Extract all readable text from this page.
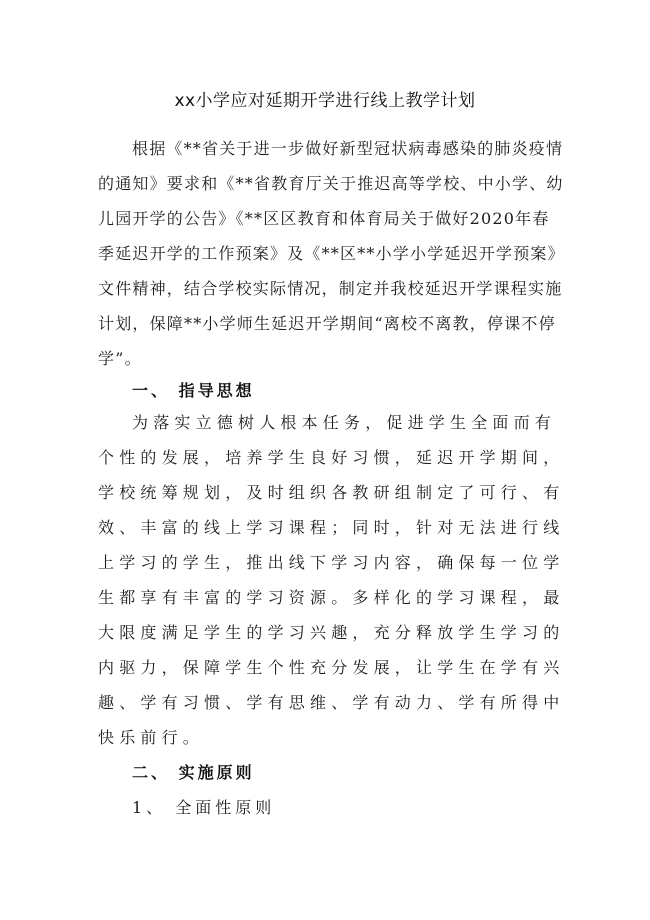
xx小学应对延期开学进行线上教学计划
根据《**省关于进一步做好新型冠状病毒感染的肺炎疫情
的通知》要求和《**省教育厅关于推迟高等学校、中小学、幼
儿园开学的公告》《**区区教育和体育局关于做好2020年春
季延迟开学的工作预案》及《**区**小学小学延迟开学预案》
文件精神，结合学校实际情况，制定并我校延迟开学课程实施
计划，保障**小学师生延迟开学期间“离校不离教，停课不停
学”。
一、 指导思想
为落实立德树人根本任务，促进学生全面而有
个性的发展，培养学生良好习惯，延迟开学期间，
学校统筹规划，及时组织各教研组制定了可行、有
效、丰富的线上学习课程；同时，针对无法进行线
上学习的学生，推出线下学习内容，确保每一位学
生都享有丰富的学习资源。多样化的学习课程，最
大限度满足学生的学习兴趣，充分释放学生学习的
内驱力，保障学生个性充分发展，让学生在学有兴
趣、学有习惯、学有思维、学有动力、学有所得中
快乐前行。
二、 实施原则
1、 全面性原则
